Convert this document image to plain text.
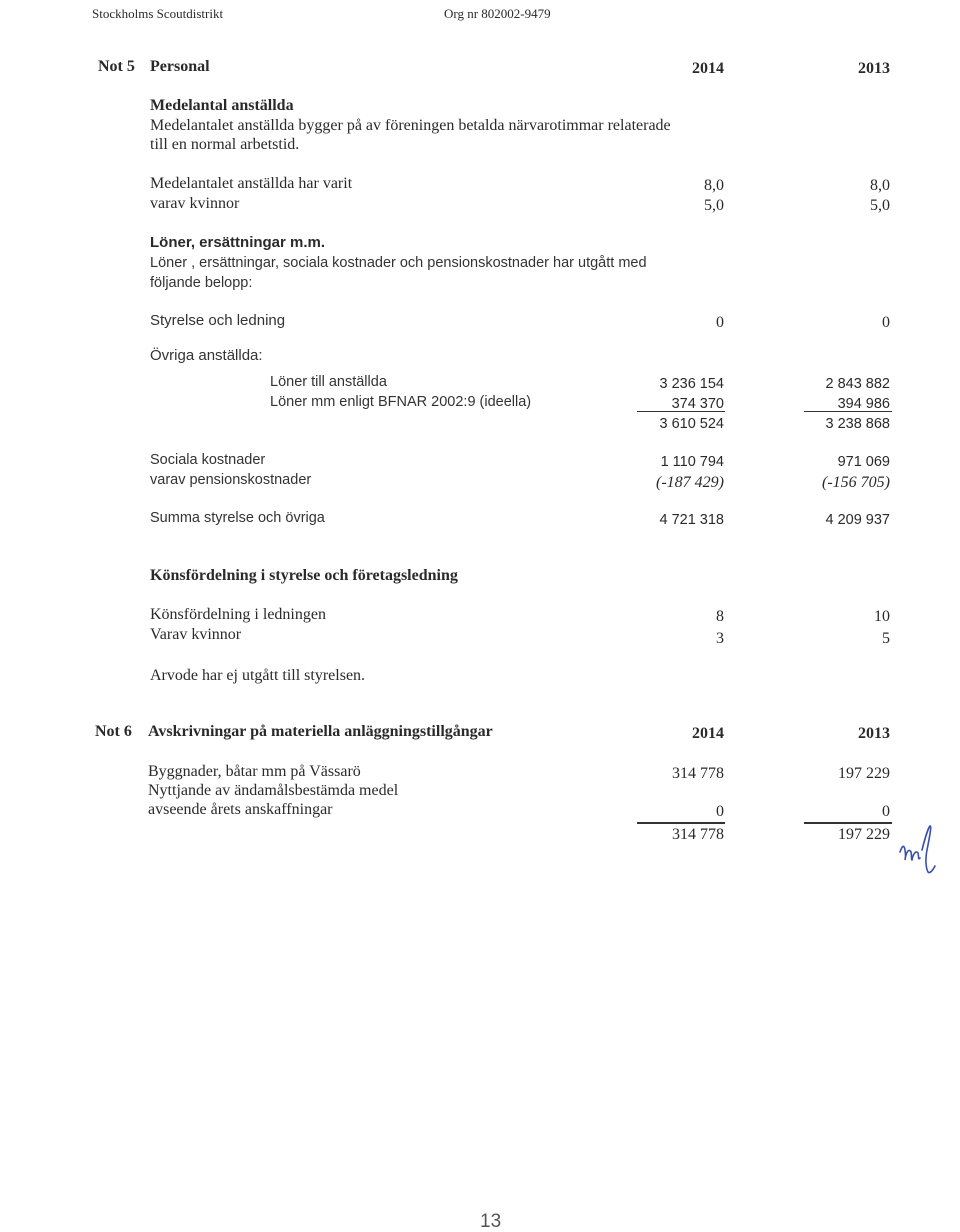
Stockholms Scoutdistrikt	Org nr 802002-9479
Not 5 Personal	2014	2013
Medelantal anställda
Medelantalet anställda bygger på av föreningen betalda närvarotimmar relaterade
till en normal arbetstid.
Medelantalet anställda har varit	8,0	8,0
varav kvinnor	5,0	5,0
Löner, ersättningar m.m.
Löner , ersättningar, sociala kostnader och pensionskostnader har utgått med
följande belopp:
Styrelse och ledning	0	0
Övriga anställda:
Löner till anställda	3 236 154	2 843 882
Löner mm enligt BFNAR 2002:9 (ideella)	374 370	394 986
3 610 524	3 238 868
Sociala kostnader	1 110 794	971 069
varav pensionskostnader	(-187 429)	(-156 705)
Summa styrelse och övriga	4 721 318	4 209 937
Könsfördelning i styrelse och företagsledning
Könsfördelning i ledningen	8	10
Varav kvinnor	3	5
Arvode har ej utgått till styrelsen.
Not 6 Avskrivningar på materiella anläggningstillgångar	2014	2013
Byggnader, båtar mm på Vässarö	314 778	197 229
Nyttjande av ändamålsbestämda medel
avseende årets anskaffningar	0	0
314 778	197 229
13
